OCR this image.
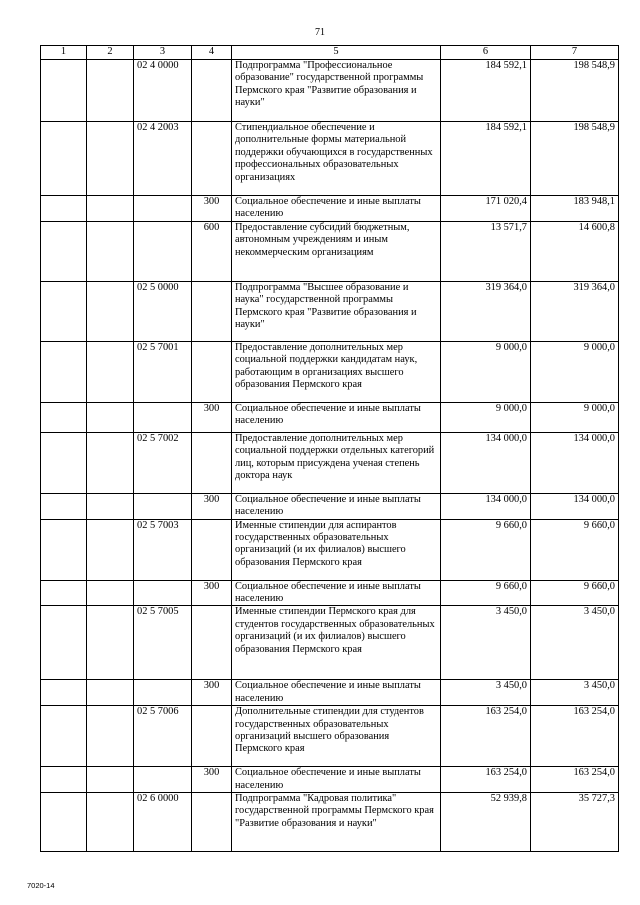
71
1	2	3	4	5	6	7
		02 4 0000		Подпрограмма "Профессиональное образование" государственной программы Пермского края "Развитие образования и науки"	184 592,1	198 548,9
		02 4 2003		Стипендиальное обеспечение и дополнительные формы материальной поддержки обучающихся в государственных профессиональных образовательных организациях	184 592,1	198 548,9
			300	Социальное обеспечение и иные выплаты населению	171 020,4	183 948,1
			600	Предоставление субсидий бюджетным, автономным учреждениям и иным некоммерческим организациям	13 571,7	14 600,8
		02 5 0000		Подпрограмма "Высшее образование и наука" государственной программы Пермского края "Развитие образования и науки"	319 364,0	319 364,0
		02 5 7001		Предоставление дополнительных мер социальной поддержки кандидатам наук, работающим в организациях высшего образования Пермского края	9 000,0	9 000,0
			300	Социальное обеспечение и иные выплаты населению	9 000,0	9 000,0
		02 5 7002		Предоставление дополнительных мер социальной поддержки отдельных категорий лиц, которым присуждена ученая степень доктора наук	134 000,0	134 000,0
			300	Социальное обеспечение и иные выплаты населению	134 000,0	134 000,0
		02 5 7003		Именные стипендии для аспирантов государственных образовательных организаций (и их филиалов) высшего образования Пермского края	9 660,0	9 660,0
			300	Социальное обеспечение и иные выплаты населению	9 660,0	9 660,0
		02 5 7005		Именные стипендии Пермского края для студентов государственных образовательных организаций (и их филиалов) высшего образования Пермского края	3 450,0	3 450,0
			300	Социальное обеспечение и иные выплаты населению	3 450,0	3 450,0
		02 5 7006		Дополнительные стипендии для студентов государственных образовательных организаций высшего образования Пермского края	163 254,0	163 254,0
			300	Социальное обеспечение и иные выплаты населению	163 254,0	163 254,0
		02 6 0000		Подпрограмма "Кадровая политика" государственной программы Пермского края "Развитие образования и науки"	52 939,8	35 727,3
7020-14
